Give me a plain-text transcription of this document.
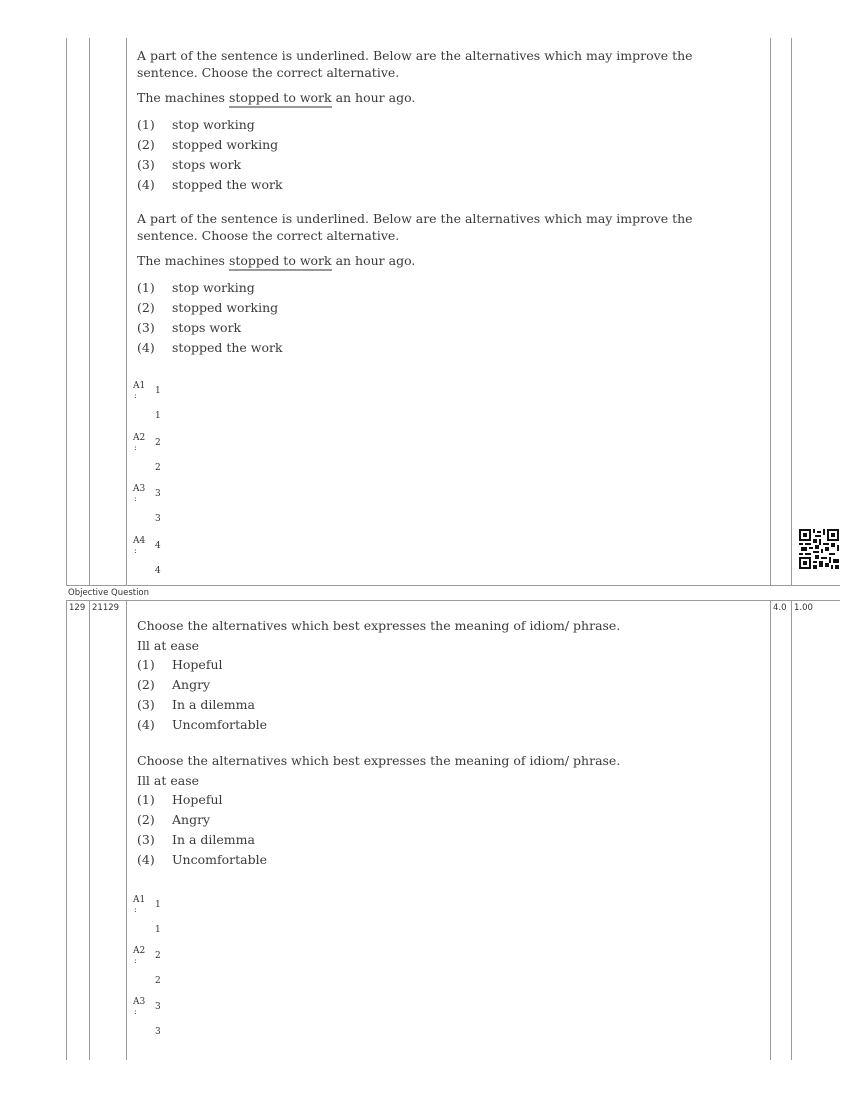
A part of the sentence is underlined. Below are the alternatives which may improve the sentence. Choose the correct alternative.

The machines stopped to work an hour ago.

(1)	stop working
(2)	stopped working
(3)	stops work
(4)	stopped the work

A part of the sentence is underlined. Below are the alternatives which may improve the sentence. Choose the correct alternative.

The machines stopped to work an hour ago.

(1)	stop working
(2)	stopped working
(3)	stops work
(4)	stopped the work
A1
: 1
1
A2
: 2
2
A3
: 3
3
A4
: 4
4
Objective Question
129 21129	4.0 1.00

Choose the alternatives which best expresses the meaning of idiom/ phrase.

Ill at ease

(1)	Hopeful
(2)	Angry
(3)	In a dilemma
(4)	Uncomfortable

Choose the alternatives which best expresses the meaning of idiom/ phrase.

Ill at ease

(1)	Hopeful
(2)	Angry
(3)	In a dilemma
(4)	Uncomfortable
A1
: 1
1
A2
: 2
2
A3
: 3
3
